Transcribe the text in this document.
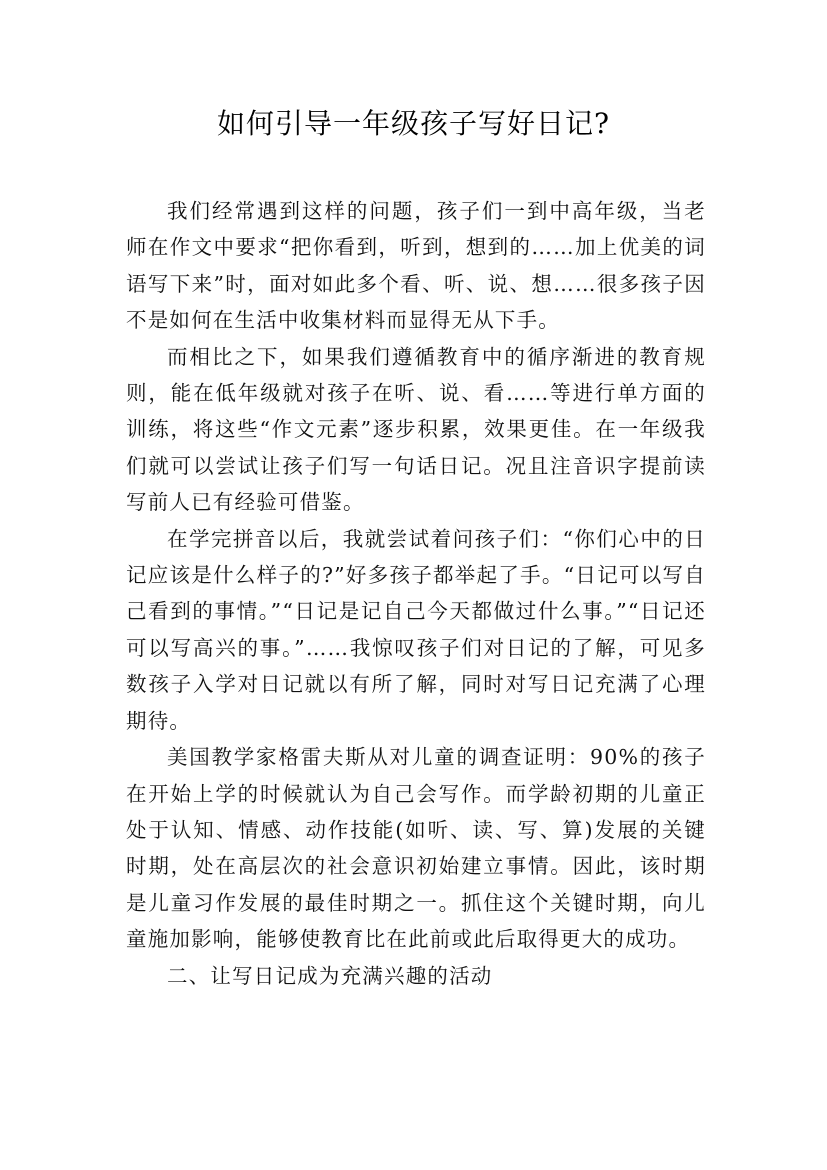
如何引导一年级孩子写好日记?

我们经常遇到这样的问题，孩子们一到中高年级，当老师在作文中要求“把你看到，听到，想到的……加上优美的词语写下来”时，面对如此多个看、听、说、想……很多孩子因不是如何在生活中收集材料而显得无从下手。

而相比之下，如果我们遵循教育中的循序渐进的教育规则，能在低年级就对孩子在听、说、看……等进行单方面的训练，将这些“作文元素”逐步积累，效果更佳。在一年级我们就可以尝试让孩子们写一句话日记。况且注音识字提前读写前人已有经验可借鉴。

在学完拼音以后，我就尝试着问孩子们：“你们心中的日记应该是什么样子的?”好多孩子都举起了手。“日记可以写自己看到的事情。”“日记是记自己今天都做过什么事。”“日记还可以写高兴的事。”……我惊叹孩子们对日记的了解，可见多数孩子入学对日记就以有所了解，同时对写日记充满了心理期待。

美国教学家格雷夫斯从对儿童的调查证明：90%的孩子在开始上学的时候就认为自己会写作。而学龄初期的儿童正处于认知、情感、动作技能(如听、读、写、算)发展的关键时期，处在高层次的社会意识初始建立事情。因此，该时期是儿童习作发展的最佳时期之一。抓住这个关键时期，向儿童施加影响，能够使教育比在此前或此后取得更大的成功。

二、让写日记成为充满兴趣的活动
